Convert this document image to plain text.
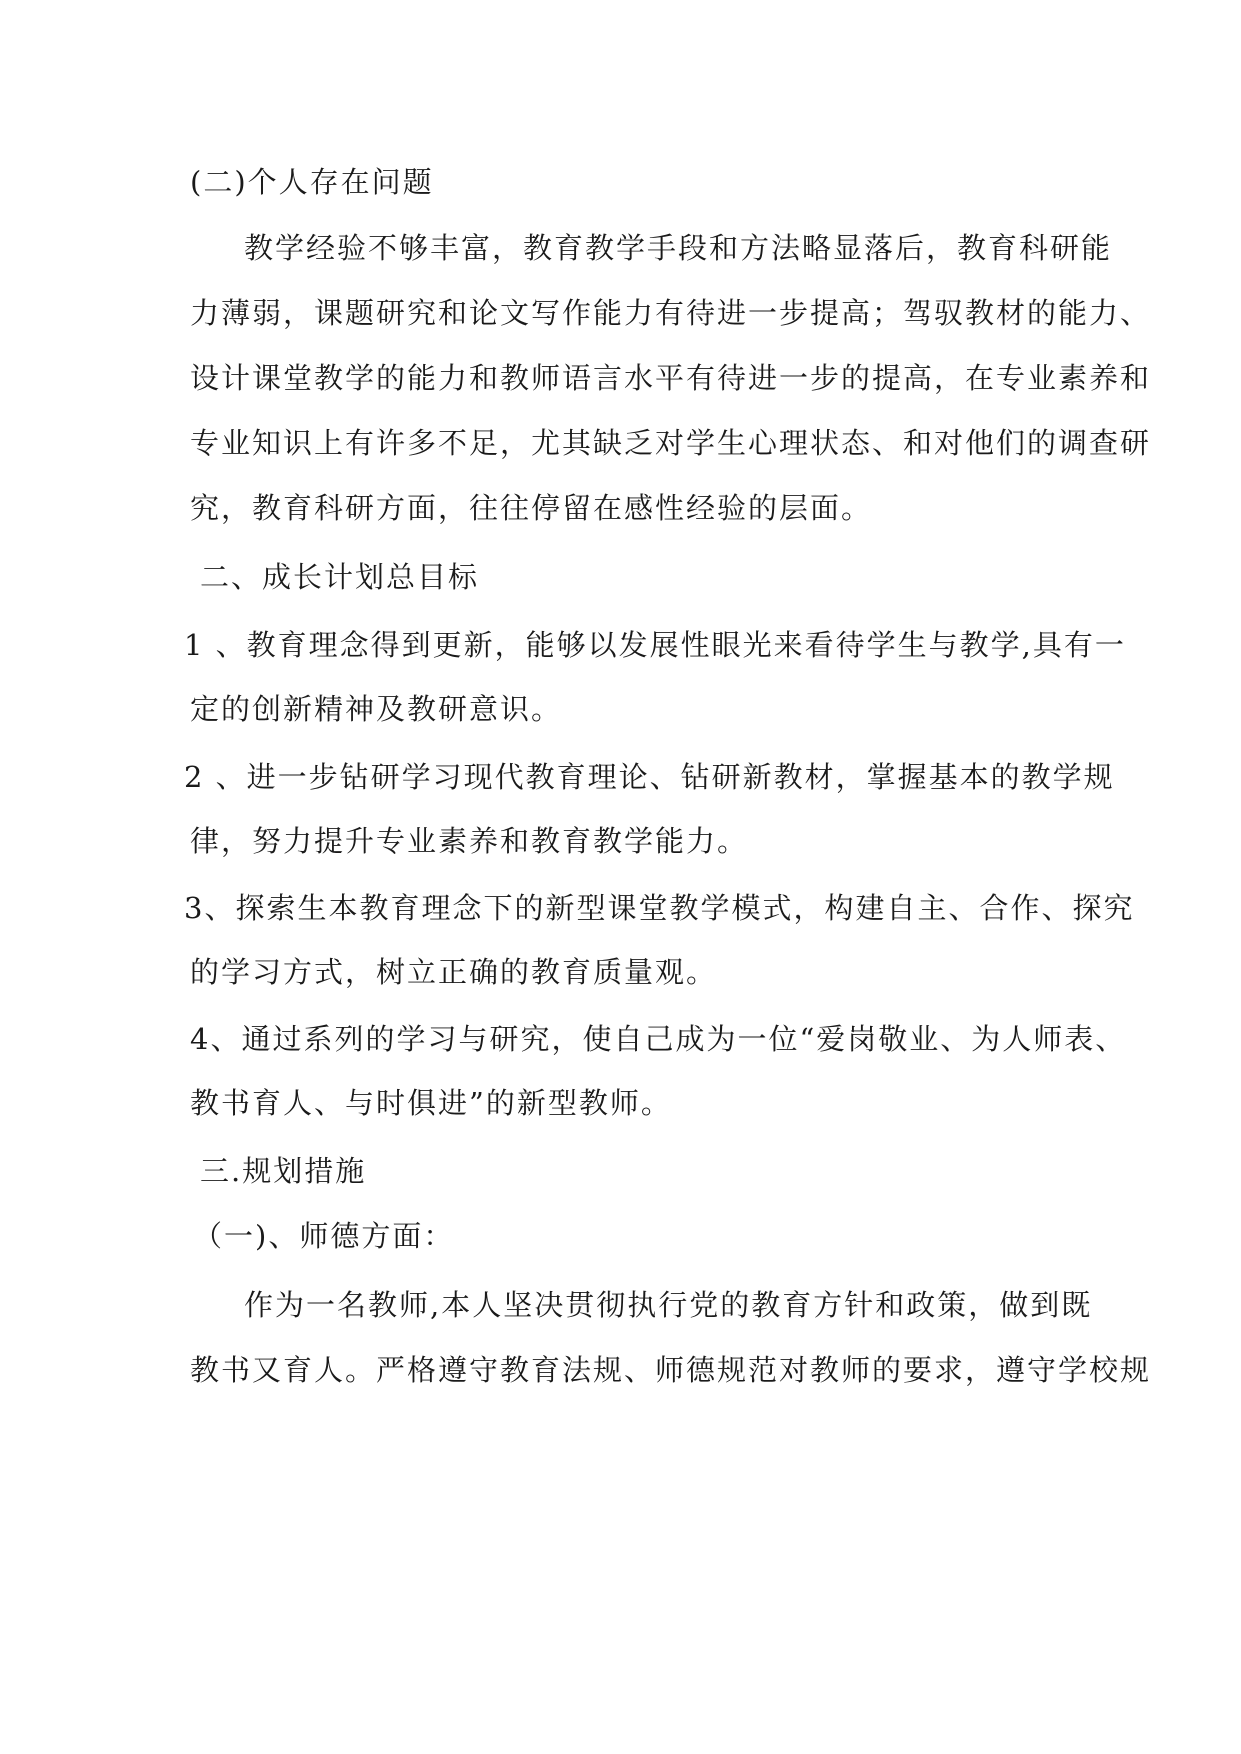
(二)个人存在问题
教学经验不够丰富，教育教学手段和方法略显落后，教育科研能
力薄弱，课题研究和论文写作能力有待进一步提高；驾驭教材的能力、
设计课堂教学的能力和教师语言水平有待进一步的提高，在专业素养和
专业知识上有许多不足，尤其缺乏对学生心理状态、和对他们的调查研
究，教育科研方面，往往停留在感性经验的层面。
二、成长计划总目标
1 、教育理念得到更新，能够以发展性眼光来看待学生与教学,具有一
定的创新精神及教研意识。
2 、进一步钻研学习现代教育理论、钻研新教材，掌握基本的教学规
律，努力提升专业素养和教育教学能力。
3、探索生本教育理念下的新型课堂教学模式，构建自主、合作、探究
的学习方式，树立正确的教育质量观。
4、通过系列的学习与研究，使自己成为一位“爱岗敬业、为人师表、
教书育人、与时俱进”的新型教师。
三.规划措施
（一)、师德方面：
作为一名教师,本人坚决贯彻执行党的教育方针和政策，做到既
教书又育人。严格遵守教育法规、师德规范对教师的要求，遵守学校规
